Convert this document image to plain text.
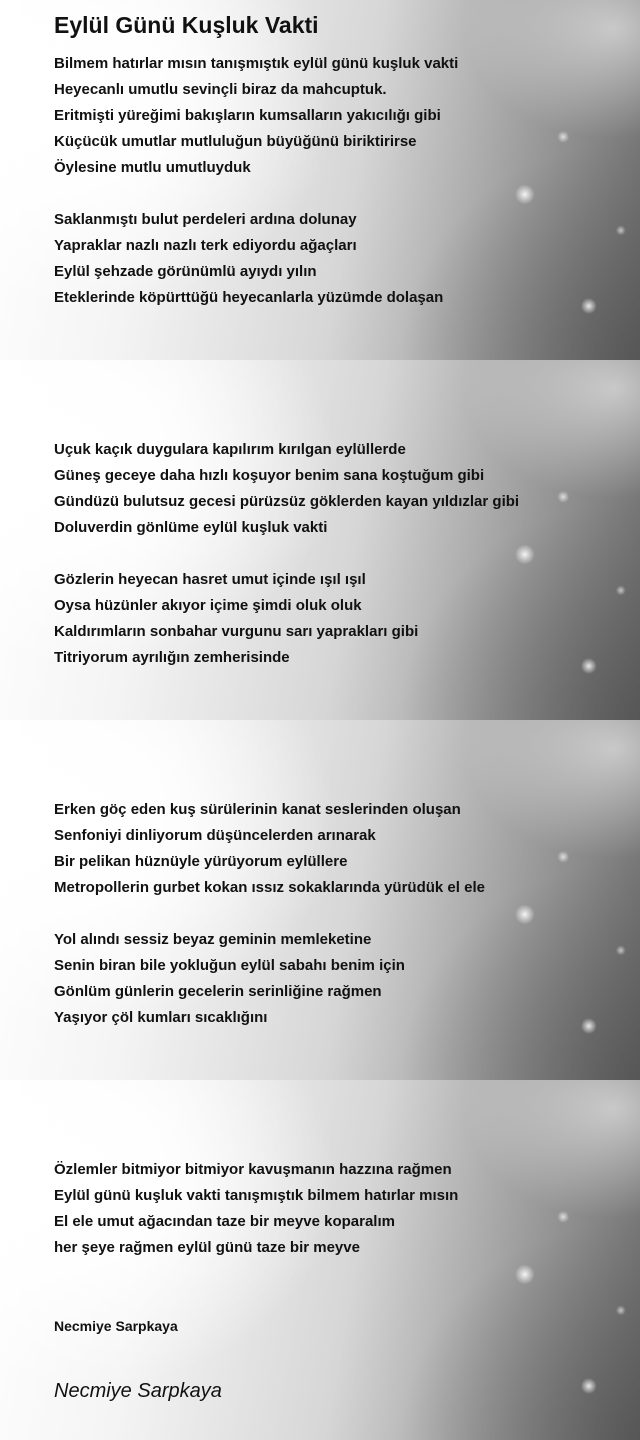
Eylül Günü Kuşluk Vakti
Bilmem hatırlar mısın tanışmıştık eylül günü kuşluk vakti
Heyecanlı umutlu sevinçli biraz da mahcuptuk.
Eritmişti yüreğimi bakışların kumsalların yakıcılığı gibi
Küçücük umutlar mutluluğun büyüğünü biriktirirse
Öylesine mutlu umutluyduk
Saklanmıştı bulut perdeleri ardına dolunay
Yapraklar nazlı nazlı terk ediyordu ağaçları
Eylül şehzade görünümlü ayıydı yılın
Eteklerinde köpürttüğü heyecanlarla yüzümde dolaşan
Uçuk kaçık duygulara kapılırım kırılgan eylüllerde
Güneş geceye daha hızlı koşuyor benim sana koştuğum gibi
Gündüzü bulutsuz gecesi pürüzsüz göklerden kayan yıldızlar gibi
Doluverdin gönlüme eylül kuşluk vakti
Gözlerin heyecan hasret umut içinde ışıl ışıl
Oysa hüzünler akıyor içime şimdi oluk oluk
Kaldırımların sonbahar vurgunu sarı yaprakları gibi
Titriyorum ayrılığın zemherisinde
Erken göç eden kuş sürülerinin kanat seslerinden oluşan
Senfoniyi dinliyorum düşüncelerden arınarak
Bir pelikan hüznüyle yürüyorum eylüllere
Metropollerin gurbet kokan ıssız sokaklarında yürüdük el ele
Yol alındı sessiz beyaz geminin memleketine
Senin biran bile yokluğun eylül sabahı benim için
Gönlüm günlerin gecelerin serinliğine rağmen
Yaşıyor çöl kumları sıcaklığını
Özlemler bitmiyor bitmiyor kavuşmanın hazzına rağmen
Eylül günü kuşluk vakti tanışmıştık bilmem hatırlar mısın
El ele umut ağacından taze bir meyve koparalım
her şeye rağmen eylül günü taze bir meyve
Necmiye Sarpkaya
Necmiye Sarpkaya
